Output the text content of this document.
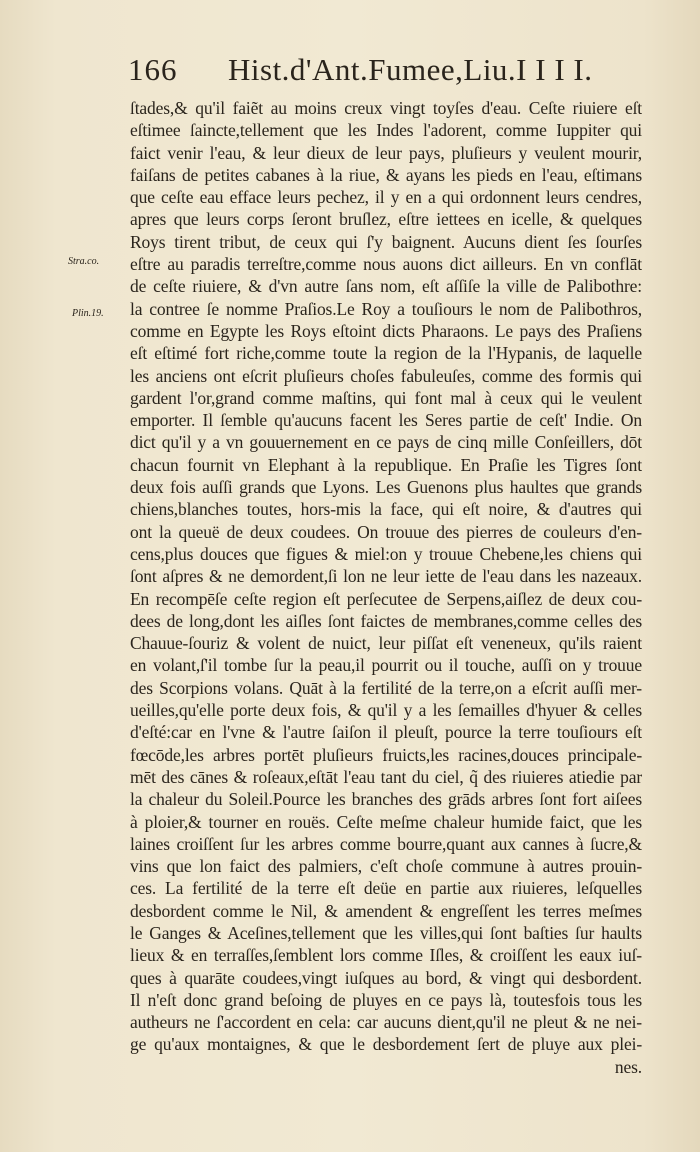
166 Hist.d'Ant.Fumee,Liu.I I I I.
Stra.co.
Plin.19.
ſtades,& qu'il faiẽt au moins creux vingt toyſes d'eau. Ceſte riuiere eſt
eſtimee ſaincte,tellement que les Indes l'adorent, comme Iuppiter qui
faict venir l'eau, & leur dieux de leur pays, pluſieurs y veulent mourir,
faiſans de petites cabanes à la riue, & ayans les pieds en l'eau, eſtimans
que ceſte eau efface leurs pechez, il y en a qui ordonnent leurs cendres,
apres que leurs corps ſeront bruſlez, eſtre iettees en icelle, & quelques
Roys tirent tribut, de ceux qui ſ'y baignent. Aucuns dient ſes ſourſes
eſtre au paradis terreſtre,comme nous auons dict ailleurs. En vn conflāt
de ceſte riuiere, & d'vn autre ſans nom, eſt aſſiſe la ville de Palibothre:
la contree ſe nomme Praſios.Le Roy a touſiours le nom de Palibothros,
comme en Egypte les Roys eſtoint dicts Pharaons. Le pays des Praſiens
eſt eſtimé fort riche,comme toute la region de la l'Hypanis, de laquelle
les anciens ont eſcrit pluſieurs choſes fabuleuſes, comme des formis qui
gardent l'or,grand comme maſtins, qui font mal à ceux qui le veulent
emporter. Il ſemble qu'aucuns facent les Seres partie de ceſt' Indie. On
dict qu'il y a vn gouuernement en ce pays de cinq mille Conſeillers, dōt
chacun fournit vn Elephant à la republique. En Praſie les Tigres ſont
deux fois auſſi grands que Lyons. Les Guenons plus haultes que grands
chiens,blanches toutes, hors-mis la face, qui eſt noire, & d'autres qui
ont la queuë de deux coudees. On trouue des pierres de couleurs d'en-
cens,plus douces que figues & miel:on y trouue Chebene,les chiens qui
ſont aſpres & ne demordent,ſi lon ne leur iette de l'eau dans les nazeaux.
En recompēſe ceſte region eſt perſecutee de Serpens,aiſlez de deux cou-
dees de long,dont les aiſles ſont faictes de membranes,comme celles des
Chauue-ſouriz & volent de nuict, leur piſſat eſt veneneux, qu'ils raient
en volant,ſ'il tombe ſur la peau,il pourrit ou il touche, auſſi on y trouue
des Scorpions volans. Quāt à la fertilité de la terre,on a eſcrit auſſi mer-
ueilles,qu'elle porte deux fois, & qu'il y a les ſemailles d'hyuer & celles
d'eſté:car en l'vne & l'autre ſaiſon il pleuſt, pource la terre touſiours eſt
fœcōde,les arbres portēt pluſieurs fruicts,les racines,douces principale-
mēt des cānes & roſeaux,eſtāt l'eau tant du ciel, q̃ des riuieres atiedie par
la chaleur du Soleil.Pource les branches des grāds arbres ſont fort aiſees
à ploier,& tourner en rouës. Ceſte meſme chaleur humide faict, que les
laines croiſſent ſur les arbres comme bourre,quant aux cannes à ſucre,&
vins que lon faict des palmiers, c'eſt choſe commune à autres prouin-
ces. La fertilité de la terre eſt deüe en partie aux riuieres, leſquelles
desbordent comme le Nil, & amendent & engreſſent les terres meſmes
le Ganges & Aceſines,tellement que les villes,qui ſont baſties ſur haults
lieux & en terraſſes,ſemblent lors comme Iſles, & croiſſent les eaux iuſ-
ques à quarāte coudees,vingt iuſques au bord, & vingt qui desbordent.
Il n'eſt donc grand beſoing de pluyes en ce pays là, toutesfois tous les
autheurs ne ſ'accordent en cela: car aucuns dient,qu'il ne pleut & ne nei-
ge qu'aux montaignes, & que le desbordement ſert de pluye aux plei-
nes.
